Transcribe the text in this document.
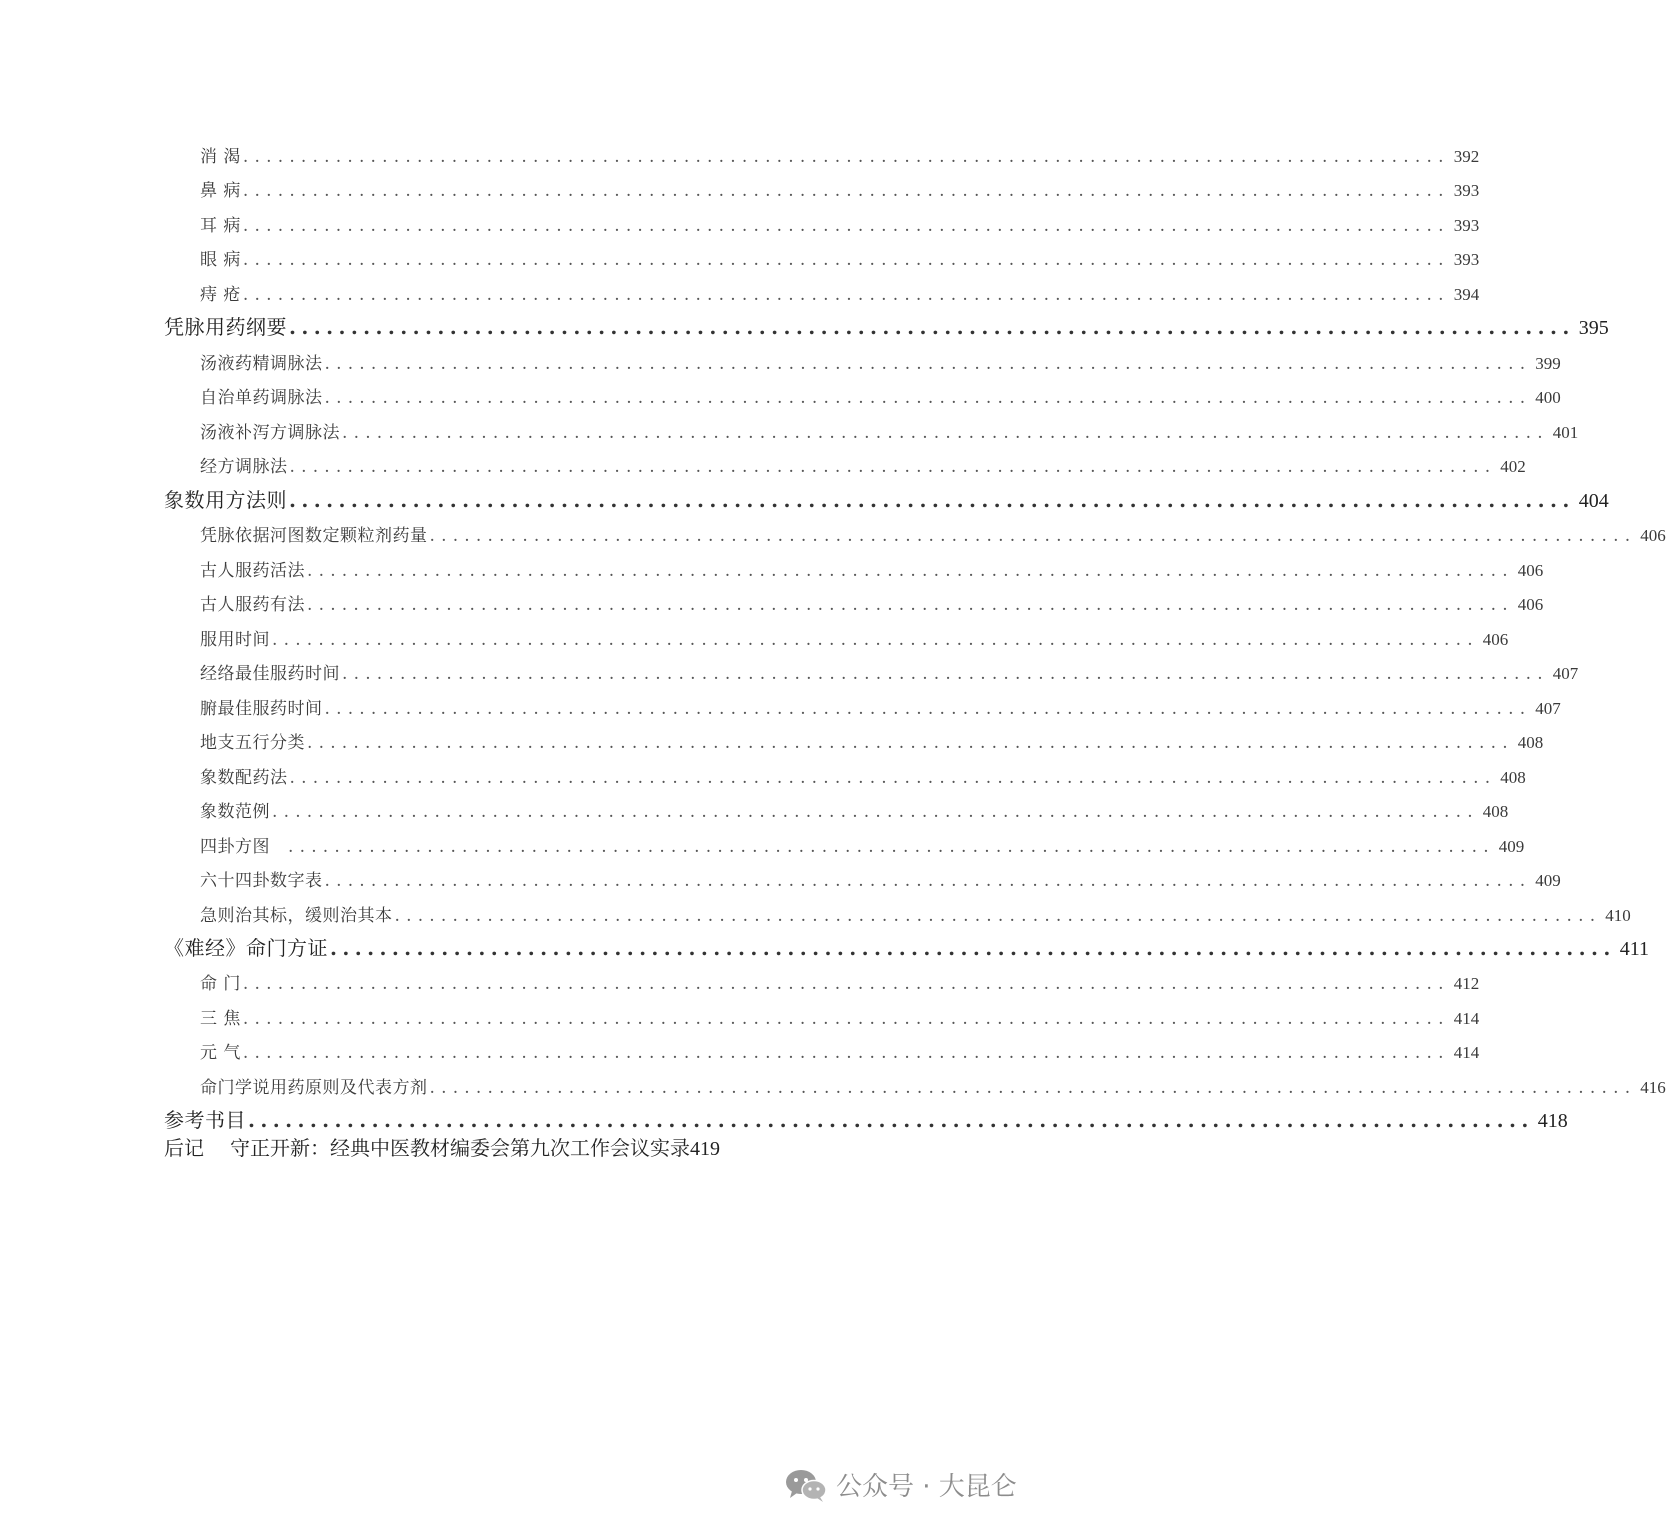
消 渴 ........................................................................................................ 392
鼻 病 ........................................................................................................ 393
耳 病 ........................................................................................................ 393
眼 病 ........................................................................................................ 393
痔 疮 ........................................................................................................ 394
凭脉用药纲要 ........................................................................................................ 395
汤液药精调脉法 ........................................................................................................ 399
自治单药调脉法 ........................................................................................................ 400
汤液补泻方调脉法 ........................................................................................................ 401
经方调脉法 ........................................................................................................ 402
象数用方法则 ........................................................................................................ 404
凭脉依据河图数定颗粒剂药量 ........................................................................................................ 406
古人服药活法 ........................................................................................................ 406
古人服药有法 ........................................................................................................ 406
服用时间 ........................................................................................................ 406
经络最佳服药时间 ........................................................................................................ 407
腑最佳服药时间 ........................................................................................................ 407
地支五行分类 ........................................................................................................ 408
象数配药法 ........................................................................................................ 408
象数范例 ........................................................................................................ 408
四卦方图	........................................................................................................ 409
六十四卦数字表 ........................................................................................................ 409
急则治其标，缓则治其本 ........................................................................................................ 410
《难经》命门方证 ........................................................................................................ 411
命 门 ........................................................................................................ 412
三 焦 ........................................................................................................ 414
元 气 ........................................................................................................ 414
命门学说用药原则及代表方剂 ........................................................................................................ 416
参考书目 ........................................................................................................ 418
后记 守正开新：经典中医教材编委会第九次工作会议实录 419
公众号 · 大昆仑
